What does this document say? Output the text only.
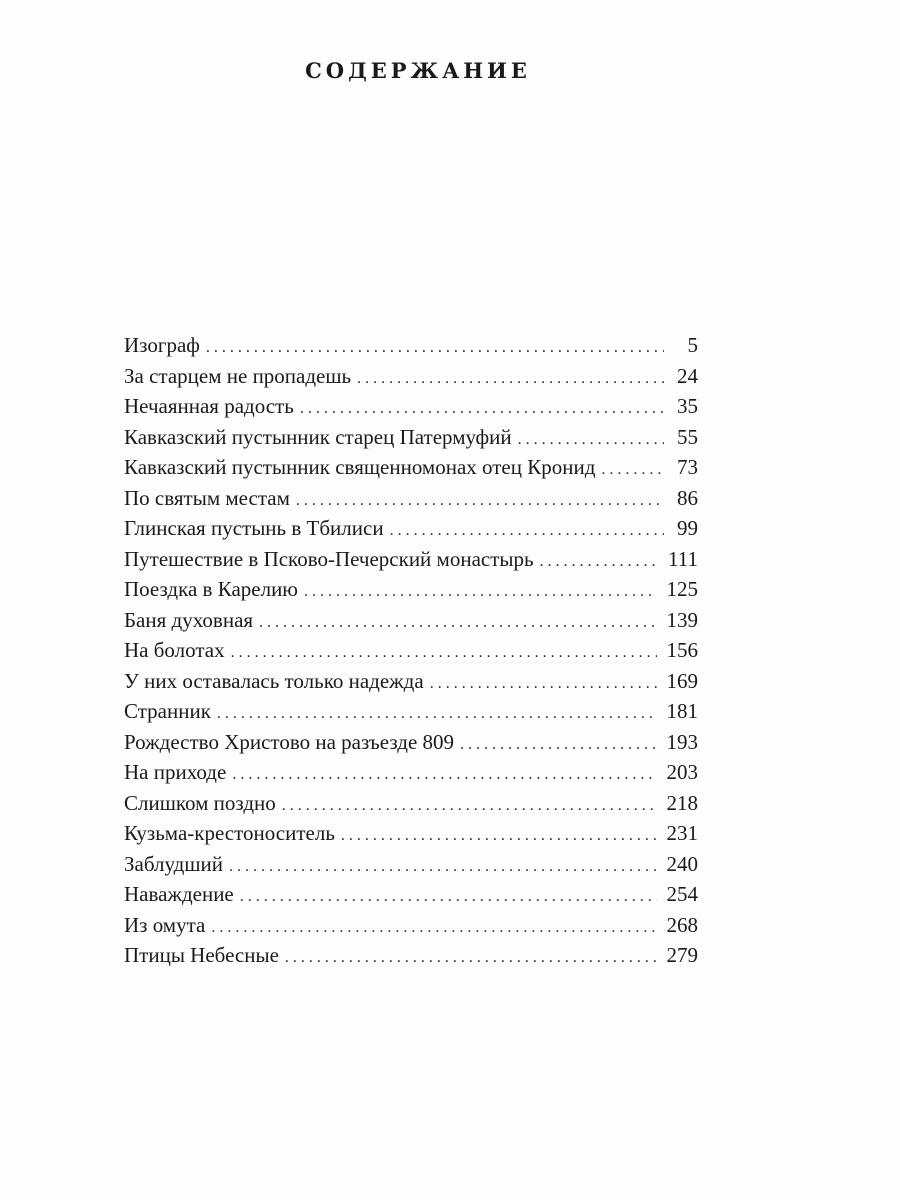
СОДЕРЖАНИЕ
Изограф . . .	5
За старцем не пропадешь . . .	24
Нечаянная радость . . .	35
Кавказский пустынник старец Патермуфий . . .	55
Кавказский пустынник священномонах отец Кронид . . .	73
По святым местам . . .	86
Глинская пустынь в Тбилиси . . .	99
Путешествие в Псково-Печерский монастырь . . .	111
Поездка в Карелию . . .	125
Баня духовная . . .	139
На болотах . . .	156
У них оставалась только надежда . . .	169
Странник . . .	181
Рождество Христово на разъезде 809 . . .	193
На приходе . . .	203
Слишком поздно . . .	218
Кузьма-крестоноситель . . .	231
Заблудший . . .	240
Наваждение . . .	254
Из омута . . .	268
Птицы Небесные . . .	279
